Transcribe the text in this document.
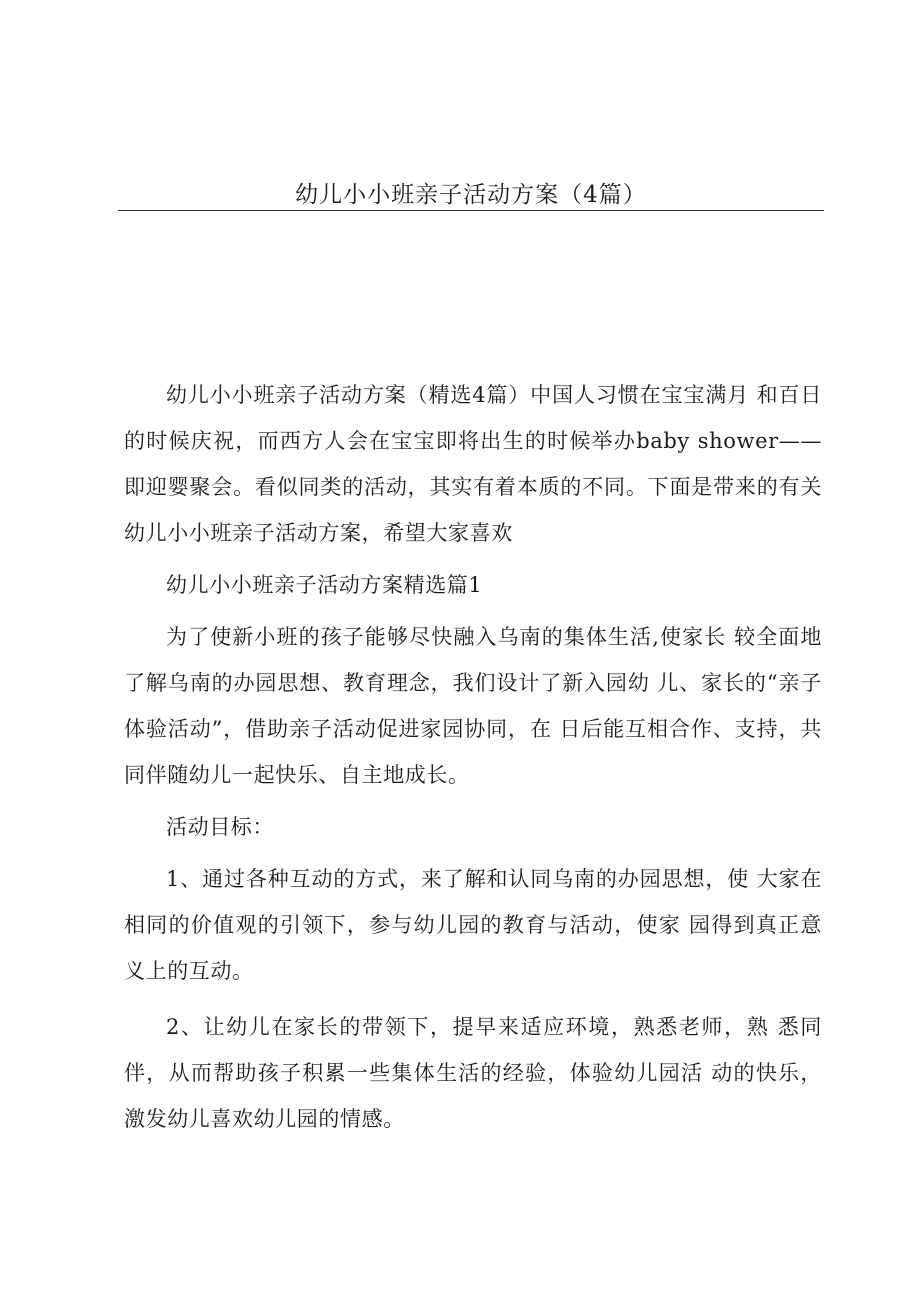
幼儿小小班亲子活动方案（4篇）

幼儿小小班亲子活动方案（精选4篇）中国人习惯在宝宝满月 和百日的时候庆祝，而西方人会在宝宝即将出生的时候举办baby shower——即迎婴聚会。看似同类的活动，其实有着本质的不同。下面是带来的有关幼儿小小班亲子活动方案，希望大家喜欢

幼儿小小班亲子活动方案精选篇1

为了使新小班的孩子能够尽快融入乌南的集体生活,使家长 较全面地了解乌南的办园思想、教育理念，我们设计了新入园幼 儿、家长的“亲子体验活动”，借助亲子活动促进家园协同，在 日后能互相合作、支持，共同伴随幼儿一起快乐、自主地成长。

活动目标：

1、通过各种互动的方式，来了解和认同乌南的办园思想，使 大家在相同的价值观的引领下，参与幼儿园的教育与活动，使家 园得到真正意义上的互动。

2、让幼儿在家长的带领下，提早来适应环境，熟悉老师，熟 悉同伴，从而帮助孩子积累一些集体生活的经验，体验幼儿园活 动的快乐，激发幼儿喜欢幼儿园的情感。
